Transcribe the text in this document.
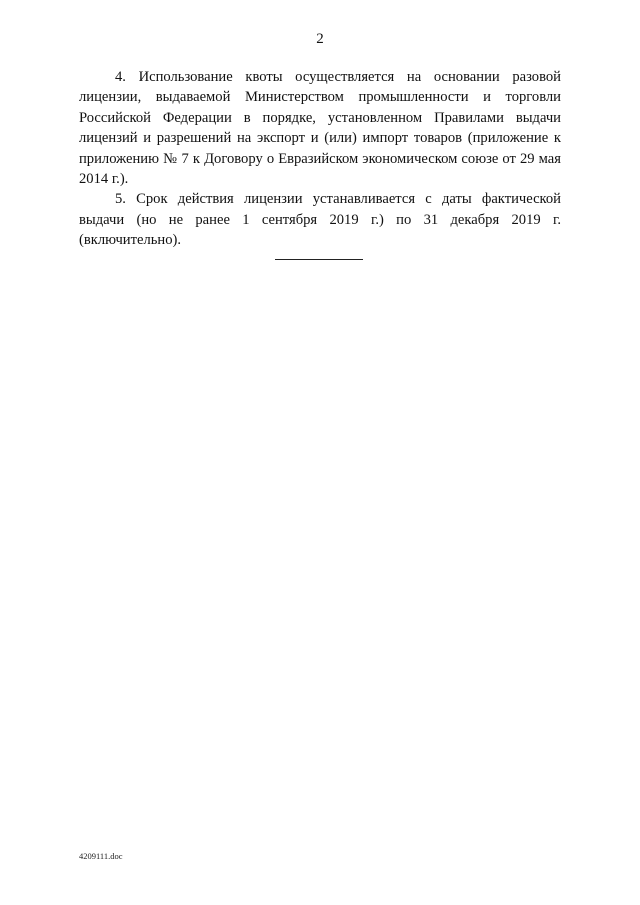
2

4. Использование квоты осуществляется на основании разовой лицензии, выдаваемой Министерством промышленности и торговли Российской Федерации в порядке, установленном Правилами выдачи лицензий и разрешений на экспорт и (или) импорт товаров (приложение к приложению № 7 к Договору о Евразийском экономическом союзе от 29 мая 2014 г.).

5. Срок действия лицензии устанавливается с даты фактической выдачи (но не ранее 1 сентября 2019 г.) по 31 декабря 2019 г. (включительно).

4209111.doc
